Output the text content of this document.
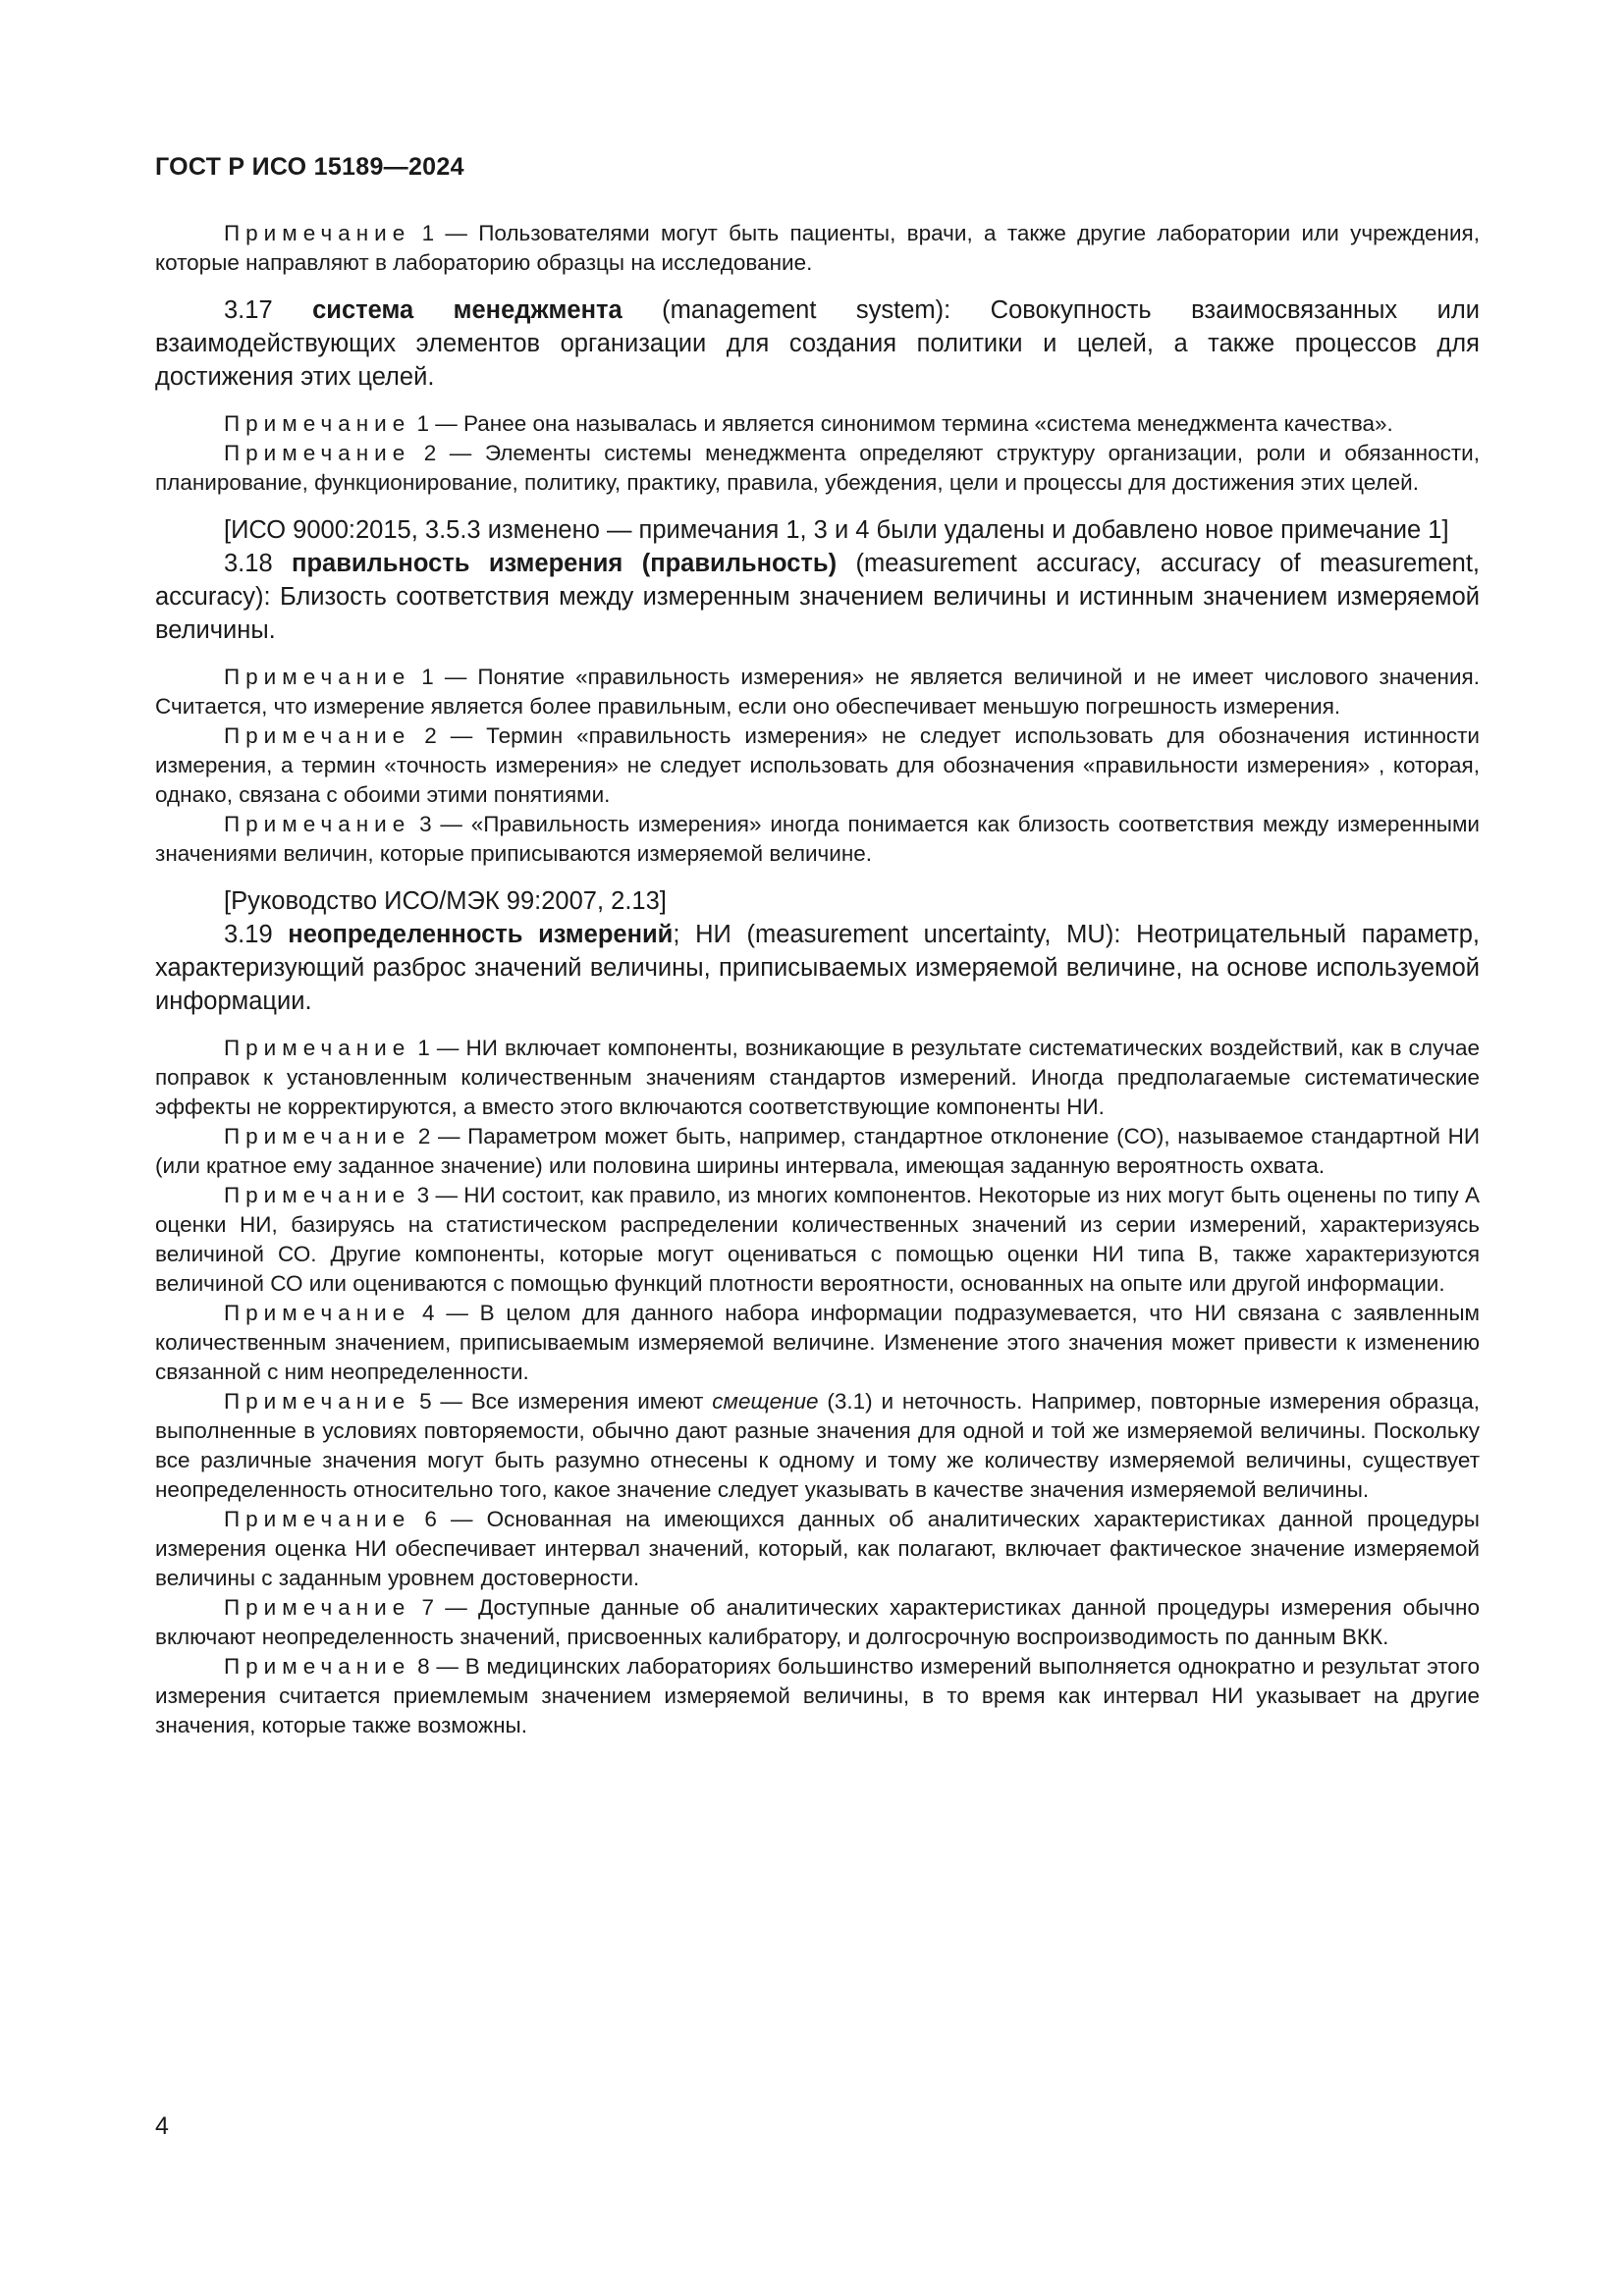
ГОСТ Р ИСО 15189—2024

Примечание 1 — Пользователями могут быть пациенты, врачи, а также другие лаборатории или учреждения, которые направляют в лабораторию образцы на исследование.

3.17 система менеджмента (management system): Совокупность взаимосвязанных или взаимодействующих элементов организации для создания политики и целей, а также процессов для достижения этих целей.

Примечание 1 — Ранее она называлась и является синонимом термина «система менеджмента качества».

Примечание 2 — Элементы системы менеджмента определяют структуру организации, роли и обязанности, планирование, функционирование, политику, практику, правила, убеждения, цели и процессы для достижения этих целей.

[ИСО 9000:2015, 3.5.3 изменено — примечания 1, 3 и 4 были удалены и добавлено новое примечание 1]

3.18 правильность измерения (правильность) (measurement accuracy, accuracy of measurement, accuracy): Близость соответствия между измеренным значением величины и истинным значением измеряемой величины.

Примечание 1 — Понятие «правильность измерения» не является величиной и не имеет числового значения. Считается, что измерение является более правильным, если оно обеспечивает меньшую погрешность измерения.

Примечание 2 — Термин «правильность измерения» не следует использовать для обозначения истинности измерения, а термин «точность измерения» не следует использовать для обозначения «правильности измерения» , которая, однако, связана с обоими этими понятиями.

Примечание 3 — «Правильность измерения» иногда понимается как близость соответствия между измеренными значениями величин, которые приписываются измеряемой величине.

[Руководство ИСО/МЭК 99:2007, 2.13]

3.19 неопределенность измерений; НИ (measurement uncertainty, MU): Неотрицательный параметр, характеризующий разброс значений величины, приписываемых измеряемой величине, на основе используемой информации.

Примечание 1 — НИ включает компоненты, возникающие в результате систематических воздействий, как в случае поправок к установленным количественным значениям стандартов измерений. Иногда предполагаемые систематические эффекты не корректируются, а вместо этого включаются соответствующие компоненты НИ.

Примечание 2 — Параметром может быть, например, стандартное отклонение (СО), называемое стандартной НИ (или кратное ему заданное значение) или половина ширины интервала, имеющая заданную вероятность охвата.

Примечание 3 — НИ состоит, как правило, из многих компонентов. Некоторые из них могут быть оценены по типу А оценки НИ, базируясь на статистическом распределении количественных значений из серии измерений, характеризуясь величиной СО. Другие компоненты, которые могут оцениваться с помощью оценки НИ типа В, также характеризуются величиной СО или оцениваются с помощью функций плотности вероятности, основанных на опыте или другой информации.

Примечание 4 — В целом для данного набора информации подразумевается, что НИ связана с заявленным количественным значением, приписываемым измеряемой величине. Изменение этого значения может привести к изменению связанной с ним неопределенности.

Примечание 5 — Все измерения имеют смещение (3.1) и неточность. Например, повторные измерения образца, выполненные в условиях повторяемости, обычно дают разные значения для одной и той же измеряемой величины. Поскольку все различные значения могут быть разумно отнесены к одному и тому же количеству измеряемой величины, существует неопределенность относительно того, какое значение следует указывать в качестве значения измеряемой величины.

Примечание 6 — Основанная на имеющихся данных об аналитических характеристиках данной процедуры измерения оценка НИ обеспечивает интервал значений, который, как полагают, включает фактическое значение измеряемой величины с заданным уровнем достоверности.

Примечание 7 — Доступные данные об аналитических характеристиках данной процедуры измерения обычно включают неопределенность значений, присвоенных калибратору, и долгосрочную воспроизводимость по данным ВКК.

Примечание 8 — В медицинских лабораториях большинство измерений выполняется однократно и результат этого измерения считается приемлемым значением измеряемой величины, в то время как интервал НИ указывает на другие значения, которые также возможны.

4
